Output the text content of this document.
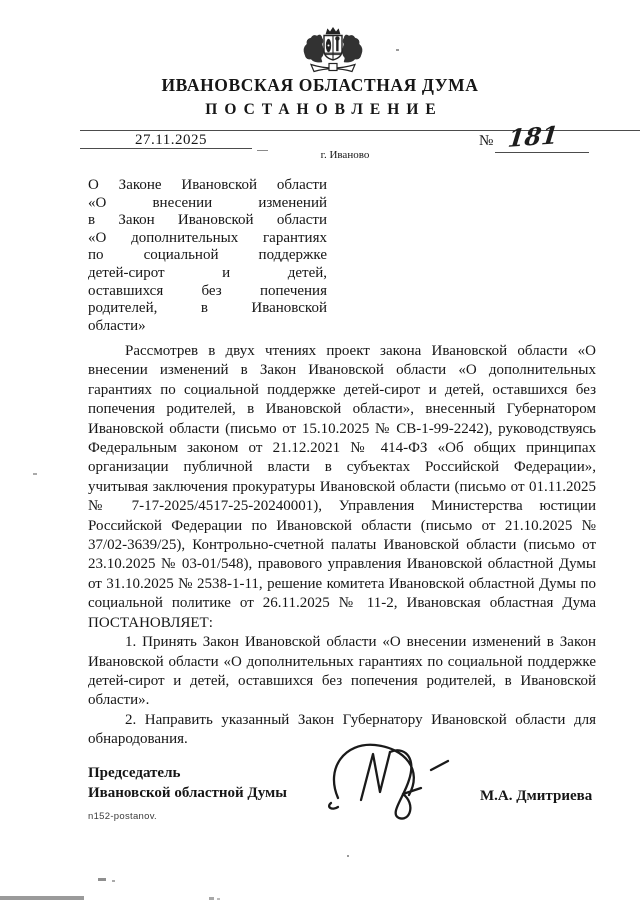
ИВАНОВСКАЯ ОБЛАСТНАЯ ДУМА
ПОСТАНОВЛЕНИЕ
27.11.2025	№ 181
г. Иваново
О Законе Ивановской области
«О внесении изменений
в Закон Ивановской области
«О дополнительных гарантиях
по социальной поддержке
детей-сирот и детей,
оставшихся без попечения
родителей, в Ивановской
области»

Рассмотрев в двух чтениях проект закона Ивановской области «О внесении изменений в Закон Ивановской области «О дополнительных гарантиях по социальной поддержке детей-сирот и детей, оставшихся без попечения родителей, в Ивановской области», внесенный Губернатором Ивановской области (письмо от 15.10.2025 № СВ-1-99-2242), руководствуясь Федеральным законом от 21.12.2021 № 414-ФЗ «Об общих принципах организации публичной власти в субъектах Российской Федерации», учитывая заключения прокуратуры Ивановской области (письмо от 01.11.2025 № 7-17-2025/4517-25-20240001), Управления Министерства юстиции Российской Федерации по Ивановской области (письмо от 21.10.2025 № 37/02-3639/25), Контрольно-счетной палаты Ивановской области (письмо от 23.10.2025 № 03-01/548), правового управления Ивановской областной Думы от 31.10.2025 № 2538-1-11, решение комитета Ивановской областной Думы по социальной политике от 26.11.2025 № 11-2, Ивановская областная Дума ПОСТАНОВЛЯЕТ:

1. Принять Закон Ивановской области «О внесении изменений в Закон Ивановской области «О дополнительных гарантиях по социальной поддержке детей-сирот и детей, оставшихся без попечения родителей, в Ивановской области».

2. Направить указанный Закон Губернатору Ивановской области для обнародования.

Председатель
Ивановской областной Думы	М.А. Дмитриева
n152-postanov.
